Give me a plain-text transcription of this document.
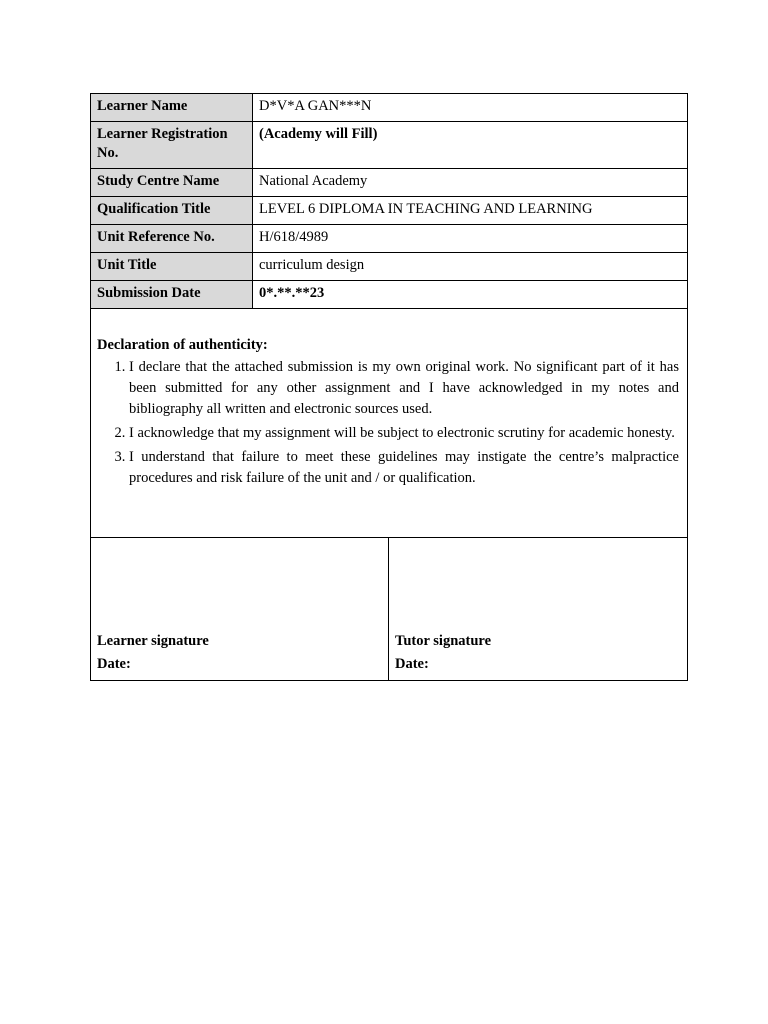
Learner Name	D*V*A GAN***N
Learner Registration No.	(Academy will Fill)
Study Centre Name	National Academy
Qualification Title	LEVEL 6 DIPLOMA IN TEACHING AND LEARNING
Unit Reference No.	H/618/4989
Unit Title	curriculum design
Submission Date	0*.**.**23
Declaration of authenticity:
1. I declare that the attached submission is my own original work. No significant part of it has been submitted for any other assignment and I have acknowledged in my notes and bibliography all written and electronic sources used.
2. I acknowledge that my assignment will be subject to electronic scrutiny for academic honesty.
3. I understand that failure to meet these guidelines may instigate the centre’s malpractice procedures and risk failure of the unit and / or qualification.
Learner signature
Date:
Tutor signature
Date:
